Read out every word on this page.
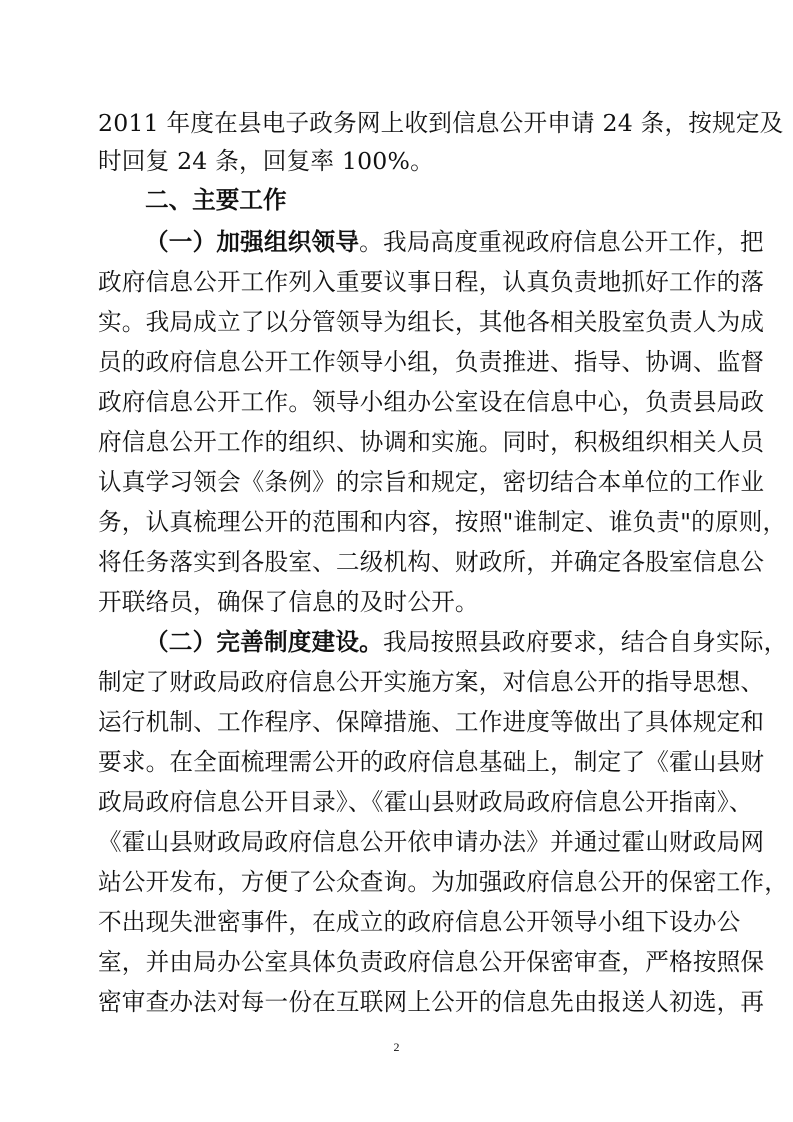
2011 年度在县电子政务网上收到信息公开申请 24 条，按规定及
时回复 24 条，回复率 100%。
二、主要工作
（一）加强组织领导。我局高度重视政府信息公开工作，把
政府信息公开工作列入重要议事日程，认真负责地抓好工作的落
实。我局成立了以分管领导为组长，其他各相关股室负责人为成
员的政府信息公开工作领导小组，负责推进、指导、协调、监督
政府信息公开工作。领导小组办公室设在信息中心，负责县局政
府信息公开工作的组织、协调和实施。同时，积极组织相关人员
认真学习领会《条例》的宗旨和规定，密切结合本单位的工作业
务，认真梳理公开的范围和内容，按照"谁制定、谁负责"的原则，
将任务落实到各股室、二级机构、财政所，并确定各股室信息公
开联络员，确保了信息的及时公开。
（二）完善制度建设。我局按照县政府要求，结合自身实际，
制定了财政局政府信息公开实施方案，对信息公开的指导思想、
运行机制、工作程序、保障措施、工作进度等做出了具体规定和
要求。在全面梳理需公开的政府信息基础上，制定了《霍山县财
政局政府信息公开目录》、《霍山县财政局政府信息公开指南》、
《霍山县财政局政府信息公开依申请办法》并通过霍山财政局网
站公开发布，方便了公众查询。为加强政府信息公开的保密工作，
不出现失泄密事件，在成立的政府信息公开领导小组下设办公
室，并由局办公室具体负责政府信息公开保密审查，严格按照保
密审查办法对每一份在互联网上公开的信息先由报送人初选，再
2
